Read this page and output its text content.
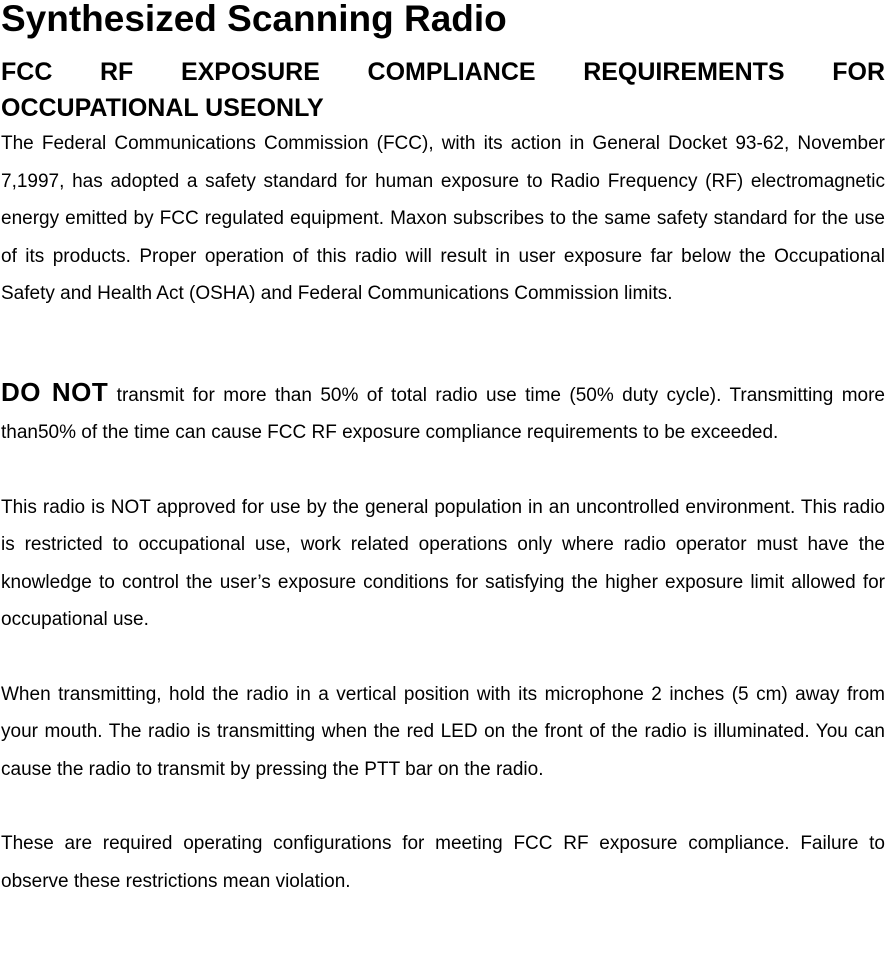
Synthesized Scanning Radio
FCC RF EXPOSURE COMPLIANCE REQUIREMENTS FOR OCCUPATIONAL USEONLY

The Federal Communications Commission (FCC), with its action in General Docket 93-62, November 7,1997, has adopted a safety standard for human exposure to Radio Frequency (RF) electromagnetic energy emitted by FCC regulated equipment. Maxon subscribes to the same safety standard for the use of its products. Proper operation of this radio will result in user exposure far below the Occupational Safety and Health Act (OSHA) and Federal Communications Commission limits.

DO NOT transmit for more than 50% of total radio use time (50% duty cycle). Transmitting more than50% of the time can cause FCC RF exposure compliance requirements to be exceeded.

This radio is NOT approved for use by the general population in an uncontrolled environment. This radio is restricted to occupational use, work related operations only where radio operator must have the knowledge to control the user’s exposure conditions for satisfying the higher exposure limit allowed for occupational use.

When transmitting, hold the radio in a vertical position with its microphone 2 inches (5 cm) away from your mouth. The radio is transmitting when the red LED on the front of the radio is illuminated. You can cause the radio to transmit by pressing the PTT bar on the radio.

These are required operating configurations for meeting FCC RF exposure compliance. Failure to observe these restrictions mean violation.
